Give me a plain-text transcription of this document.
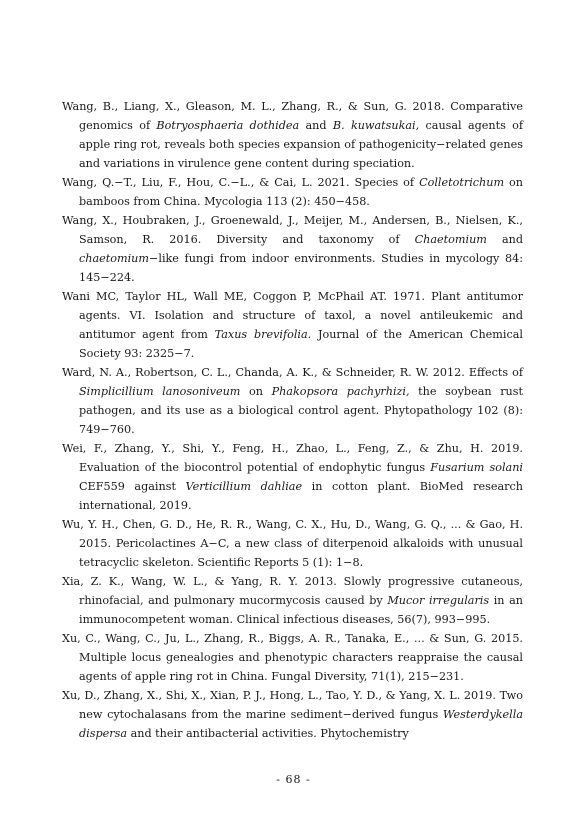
Wang, B., Liang, X., Gleason, M. L., Zhang, R., & Sun, G. 2018. Comparative genomics of Botryosphaeria dothidea and B. kuwatsukai, causal agents of apple ring rot, reveals both species expansion of pathogenicity−related genes and variations in virulence gene content during speciation.

Wang, Q.−T., Liu, F., Hou, C.−L., & Cai, L. 2021. Species of Colletotrichum on bamboos from China. Mycologia 113 (2): 450−458.

Wang, X., Houbraken, J., Groenewald, J., Meijer, M., Andersen, B., Nielsen, K., Samson, R. 2016. Diversity and taxonomy of Chaetomium and chaetomium−like fungi from indoor environments. Studies in mycology 84: 145−224.

Wani MC, Taylor HL, Wall ME, Coggon P, McPhail AT. 1971. Plant antitumor agents. VI. Isolation and structure of taxol, a novel antileukemic and antitumor agent from Taxus brevifolia. Journal of the American Chemical Society 93: 2325−7.

Ward, N. A., Robertson, C. L., Chanda, A. K., & Schneider, R. W. 2012. Effects of Simplicillium lanosoniveum on Phakopsora pachyrhizi, the soybean rust pathogen, and its use as a biological control agent. Phytopathology 102 (8): 749−760.

Wei, F., Zhang, Y., Shi, Y., Feng, H., Zhao, L., Feng, Z., & Zhu, H. 2019. Evaluation of the biocontrol potential of endophytic fungus Fusarium solani CEF559 against Verticillium dahliae in cotton plant. BioMed research international, 2019.

Wu, Y. H., Chen, G. D., He, R. R., Wang, C. X., Hu, D., Wang, G. Q., ... & Gao, H. 2015. Pericolactines A−C, a new class of diterpenoid alkaloids with unusual tetracyclic skeleton. Scientific Reports 5 (1): 1−8.

Xia, Z. K., Wang, W. L., & Yang, R. Y. 2013. Slowly progressive cutaneous, rhinofacial, and pulmonary mucormycosis caused by Mucor irregularis in an immunocompetent woman. Clinical infectious diseases, 56(7), 993−995.

Xu, C., Wang, C., Ju, L., Zhang, R., Biggs, A. R., Tanaka, E., ... & Sun, G. 2015. Multiple locus genealogies and phenotypic characters reappraise the causal agents of apple ring rot in China. Fungal Diversity, 71(1), 215−231.

Xu, D., Zhang, X., Shi, X., Xian, P. J., Hong, L., Tao, Y. D., & Yang, X. L. 2019. Two new cytochalasans from the marine sediment−derived fungus Westerdykella dispersa and their antibacterial activities. Phytochemistry

- 68 -
